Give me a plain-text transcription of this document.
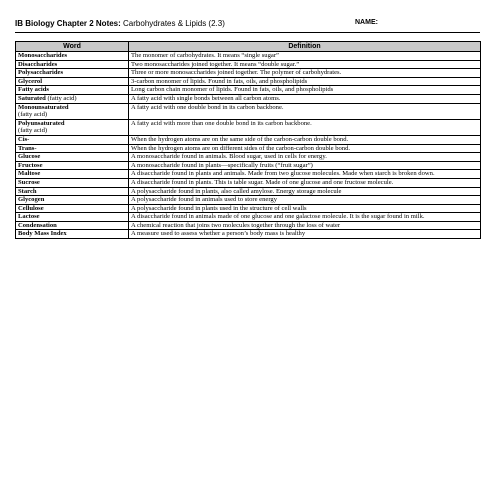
IB Biology Chapter 2 Notes: Carbohydrates & Lipids (2.3)	NAME:
Word	Definition
Monosaccharides	The monomer of carbohydrates. It means “single sugar”
Disaccharides	Two monosaccharides joined together. It means “double sugar.”
Polysaccharides	Three or more monosaccharides joined together. The polymer of carbohydrates.
Glycerol	3-carbon monomer of lipids. Found in fats, oils, and phospholipids
Fatty acids	Long carbon chain monomer of lipids. Found in fats, oils, and phospholipids
Saturated (fatty acid)	A fatty acid with single bonds between all carbon atoms.
Monounsaturated
(fatty acid)	A fatty acid with one double bond in its carbon backbone.
Polyunsaturated
(fatty acid)	A fatty acid with more than one double bond in its carbon backbone.
Cis-	When the hydrogen atoms are on the same side of the carbon-carbon double bond.
Trans-	When the hydrogen atoms are on different sides of the carbon-carbon double bond.
Glucose	A monosaccharide found in animals. Blood sugar, used in cells for energy.
Fructose	A monosaccharide found in plants—specifically fruits (“fruit sugar”)
Maltose	A disaccharide found in plants and animals. Made from two glucose molecules. Made when starch is broken down.
Sucrose	A disaccharide found in plants. This is table sugar. Made of one glucose and one fructose molecule.
Starch	A polysaccharide found in plants, also called amylose. Energy storage molecule
Glycogen	A polysaccharide found in animals used to store energy
Cellulose	A polysaccharide found in plants used in the structure of cell walls
Lactose	A disaccharide found in animals made of one glucose and one galactose molecule. It is the sugar found in milk.
Condensation	A chemical reaction that joins two molecules together through the loss of water
Body Mass Index	A measure used to assess whether a person’s body mass is healthy
